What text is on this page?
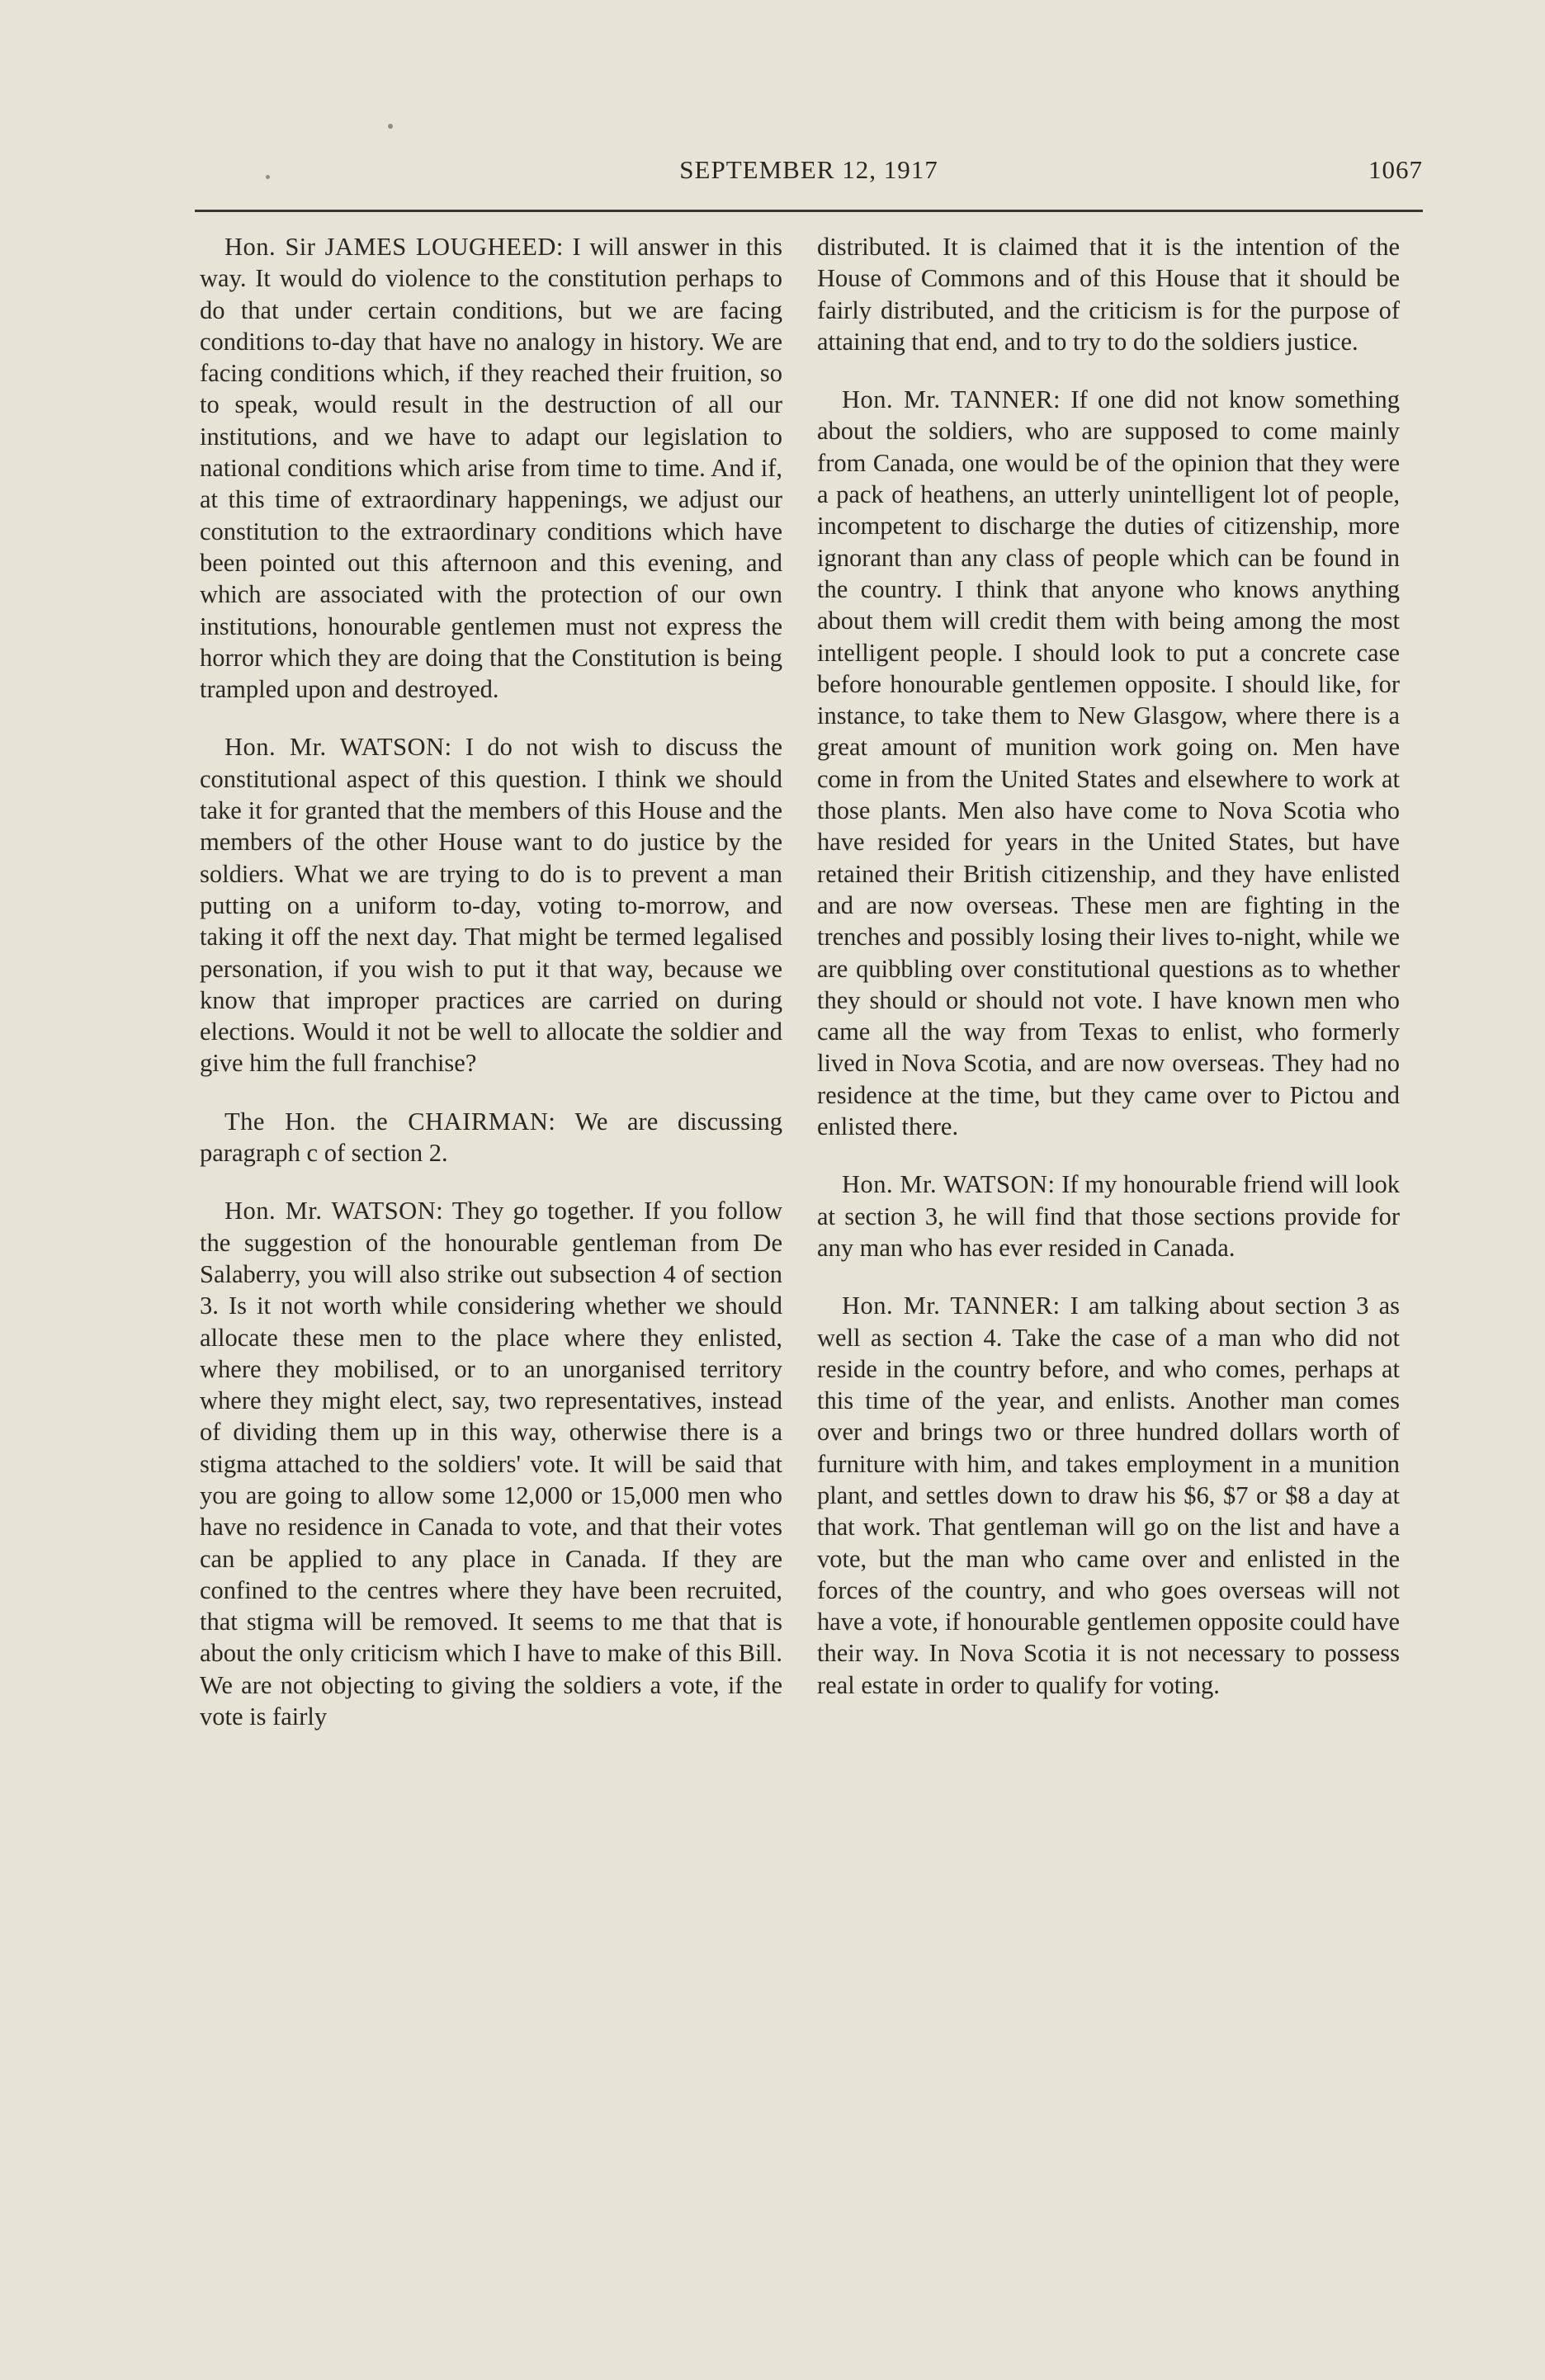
SEPTEMBER 12, 1917	1067

Hon. Sir JAMES LOUGHEED: I will answer in this way. It would do violence to the constitution perhaps to do that under certain conditions, but we are facing conditions to-day that have no analogy in history. We are facing conditions which, if they reached their fruition, so to speak, would result in the destruction of all our institutions, and we have to adapt our legislation to national conditions which arise from time to time. And if, at this time of extraordinary happenings, we adjust our constitution to the extraordinary conditions which have been pointed out this afternoon and this evening, and which are associated with the protection of our own institutions, honourable gentlemen must not express the horror which they are doing that the Constitution is being trampled upon and destroyed.

Hon. Mr. WATSON: I do not wish to discuss the constitutional aspect of this question. I think we should take it for granted that the members of this House and the members of the other House want to do justice by the soldiers. What we are trying to do is to prevent a man putting on a uniform to-day, voting to-morrow, and taking it off the next day. That might be termed legalised personation, if you wish to put it that way, because we know that improper practices are carried on during elections. Would it not be well to allocate the soldier and give him the full franchise?

The Hon. the CHAIRMAN: We are discussing paragraph c of section 2.

Hon. Mr. WATSON: They go together. If you follow the suggestion of the honourable gentleman from De Salaberry, you will also strike out subsection 4 of section 3. Is it not worth while considering whether we should allocate these men to the place where they enlisted, where they mobilised, or to an unorganised territory where they might elect, say, two representatives, instead of dividing them up in this way, otherwise there is a stigma attached to the soldiers' vote. It will be said that you are going to allow some 12,000 or 15,000 men who have no residence in Canada to vote, and that their votes can be applied to any place in Canada. If they are confined to the centres where they have been recruited, that stigma will be removed. It seems to me that that is about the only criticism which I have to make of this Bill. We are not objecting to giving the soldiers a vote, if the vote is fairly

distributed. It is claimed that it is the intention of the House of Commons and of this House that it should be fairly distributed, and the criticism is for the purpose of attaining that end, and to try to do the soldiers justice.

Hon. Mr. TANNER: If one did not know something about the soldiers, who are supposed to come mainly from Canada, one would be of the opinion that they were a pack of heathens, an utterly unintelligent lot of people, incompetent to discharge the duties of citizenship, more ignorant than any class of people which can be found in the country. I think that anyone who knows anything about them will credit them with being among the most intelligent people. I should look to put a concrete case before honourable gentlemen opposite. I should like, for instance, to take them to New Glasgow, where there is a great amount of munition work going on. Men have come in from the United States and elsewhere to work at those plants. Men also have come to Nova Scotia who have resided for years in the United States, but have retained their British citizenship, and they have enlisted and are now overseas. These men are fighting in the trenches and possibly losing their lives to-night, while we are quibbling over constitutional questions as to whether they should or should not vote. I have known men who came all the way from Texas to enlist, who formerly lived in Nova Scotia, and are now overseas. They had no residence at the time, but they came over to Pictou and enlisted there.

Hon. Mr. WATSON: If my honourable friend will look at section 3, he will find that those sections provide for any man who has ever resided in Canada.

Hon. Mr. TANNER: I am talking about section 3 as well as section 4. Take the case of a man who did not reside in the country before, and who comes, perhaps at this time of the year, and enlists. Another man comes over and brings two or three hundred dollars worth of furniture with him, and takes employment in a munition plant, and settles down to draw his $6, $7 or $8 a day at that work. That gentleman will go on the list and have a vote, but the man who came over and enlisted in the forces of the country, and who goes overseas will not have a vote, if honourable gentlemen opposite could have their way. In Nova Scotia it is not necessary to possess real estate in order to qualify for voting.
